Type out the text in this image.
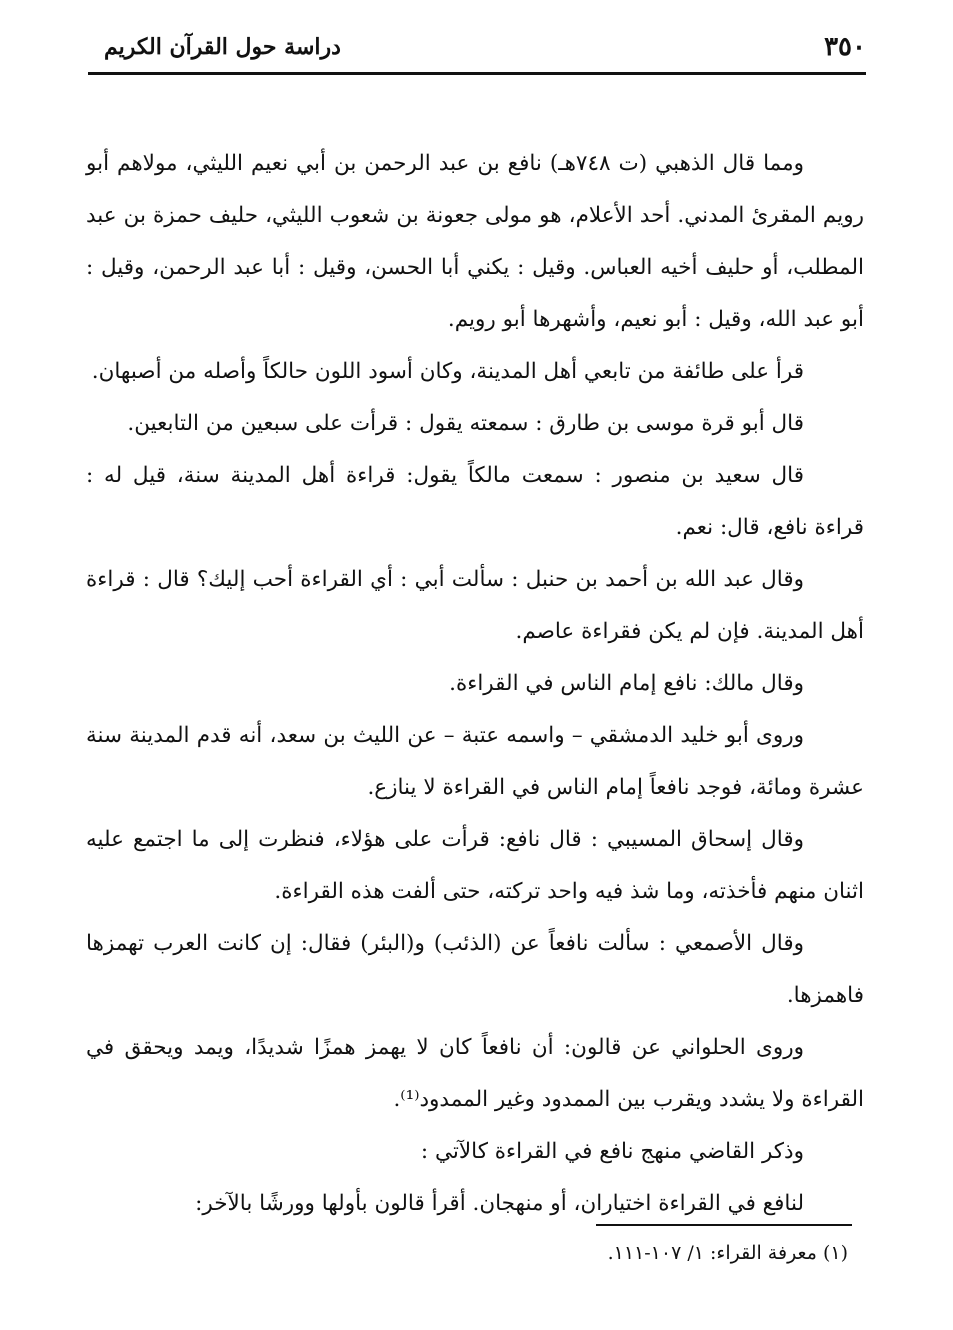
٣٥٠
دراسة حول القرآن الكريم

ومما قال الذهبي (ت ٧٤٨هـ) نافع بن عبد الرحمن بن أبي نعيم الليثي، مولاهم أبو رويم المقرئ المدني. أحد الأعلام، هو مولى جعونة بن شعوب الليثي، حليف حمزة بن عبد المطلب، أو حليف أخيه العباس. وقيل : يكني أبا الحسن، وقيل : أبا عبد الرحمن، وقيل : أبو عبد الله، وقيل : أبو نعيم، وأشهرها أبو رويم.

قرأ على طائفة من تابعي أهل المدينة، وكان أسود اللون حالكاً وأصله من أصبهان.

قال أبو قرة موسى بن طارق : سمعته يقول : قرأت على سبعين من التابعين.

قال سعيد بن منصور : سمعت مالكاً يقول: قراءة أهل المدينة سنة، قيل له : قراءة نافع، قال: نعم.

وقال عبد الله بن أحمد بن حنبل : سألت أبي : أي القراءة أحب إليك؟ قال : قراءة أهل المدينة. فإن لم يكن فقراءة عاصم.

وقال مالك: نافع إمام الناس في القراءة.

وروى أبو خليد الدمشقي – واسمه عتبة – عن الليث بن سعد، أنه قدم المدينة سنة عشرة ومائة، فوجد نافعاً إمام الناس في القراءة لا ينازع.

وقال إسحاق المسيبي : قال نافع: قرأت على هؤلاء، فنظرت إلى ما اجتمع عليه اثنان منهم فأخذته، وما شذ فيه واحد تركته، حتى ألفت هذه القراءة.

وقال الأصمعي : سألت نافعاً عن (الذئب) و(البئر) فقال: إن كانت العرب تهمزها فاهمزها.

وروى الحلواني عن قالون: أن نافعاً كان لا يهمز همزًا شديدًا، ويمد ويحقق في القراءة ولا يشدد ويقرب بين الممدود وغير الممدود⁽¹⁾.

وذكر القاضي منهج نافع في القراءة كالآتي :

لنافع في القراءة اختياران، أو منهجان. أقرأ قالون بأولها وورشًا بالآخر:

(١) معرفة القراء: ١/ ١٠٧-١١١.
